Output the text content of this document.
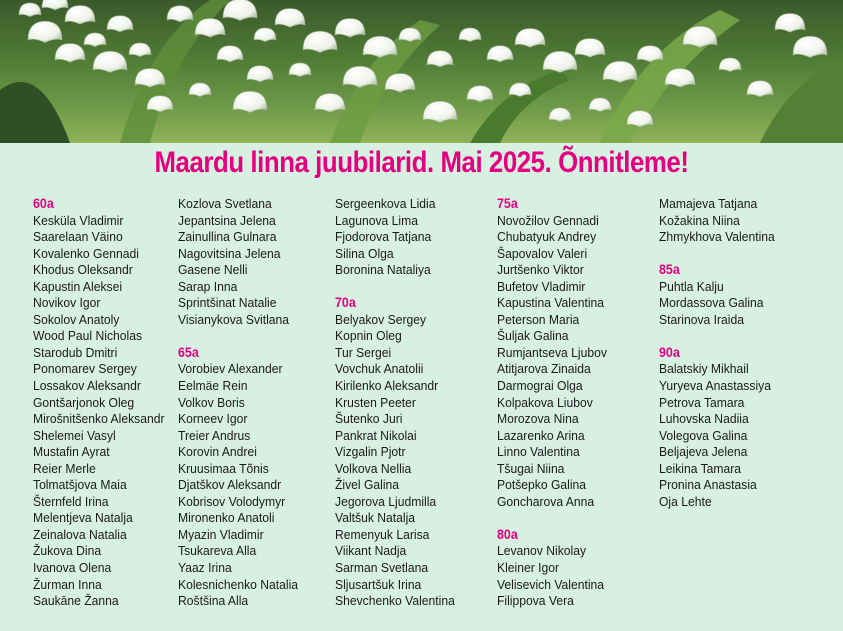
Maardu linna juubilarid. Mai 2025. Õnnitleme!
60a
Kesküla Vladimir
Saarelaan Väino
Kovalenko Gennadi
Khodus Oleksandr
Kapustin Aleksei
Novikov Igor
Sokolov Anatoly
Wood Paul Nicholas
Starodub Dmitri
Ponomarev Sergey
Lossakov Aleksandr
Gontšarjonok Oleg
Mirošnitšenko Aleksandr
Shelemei Vasyl
Mustafin Ayrat
Reier Merle
Tolmatšjova Maia
Šternfeld Irina
Melentjeva Natalja
Zeinalova Natalia
Žukova Dina
Ivanova Olena
Žurman Inna
Saukāne Žanna
Kozlova Svetlana
Jepantsina Jelena
Zainullina Gulnara
Nagovitsina Jelena
Gasene Nelli
Sarap Inna
Sprintšinat Natalie
Visianykova Svitlana
65a
Vorobiev Alexander
Eelmäe Rein
Volkov Boris
Korneev Igor
Treier Andrus
Korovin Andrei
Kruusimaa Tõnis
Djatškov Aleksandr
Kobrisov Volodymyr
Mironenko Anatoli
Myazin Vladimir
Tsukareva Alla
Yaaz Irina
Kolesnichenko Natalia
Roštšina Alla
Sergeenkova Lidia
Lagunova Lima
Fjodorova Tatjana
Silina Olga
Boronina Nataliya
70a
Belyakov Sergey
Kopnin Oleg
Tur Sergei
Vovchuk Anatolii
Kirilenko Aleksandr
Krusten Peeter
Šutenko Juri
Pankrat Nikolai
Vizgalin Pjotr
Volkova Nellia
Živel Galina
Jegorova Ljudmilla
Valtšuk Natalja
Remenyuk Larisa
Viikant Nadja
Sarman Svetlana
Sljusartšuk Irina
Shevchenko Valentina
75a
Novožilov Gennadi
Chubatyuk Andrey
Šapovalov Valeri
Jurtšenko Viktor
Bufetov Vladimir
Kapustina Valentina
Peterson Maria
Šuljak Galina
Rumjantseva Ljubov
Atitjarova Zinaida
Darmograi Olga
Kolpakova Liubov
Morozova Nina
Lazarenko Arina
Linno Valentina
Tšugai Niina
Potšepko Galina
Goncharova Anna
80a
Levanov Nikolay
Kleiner Igor
Velisevich Valentina
Filippova Vera
Mamajeva Tatjana
Kožakina Niina
Zhmykhova Valentina
85a
Puhtla Kalju
Mordassova Galina
Starinova Iraida
90a
Balatskiy Mikhail
Yuryeva Anastassiya
Petrova Tamara
Luhovska Nadiia
Volegova Galina
Beljajeva Jelena
Leikina Tamara
Pronina Anastasia
Oja Lehte
